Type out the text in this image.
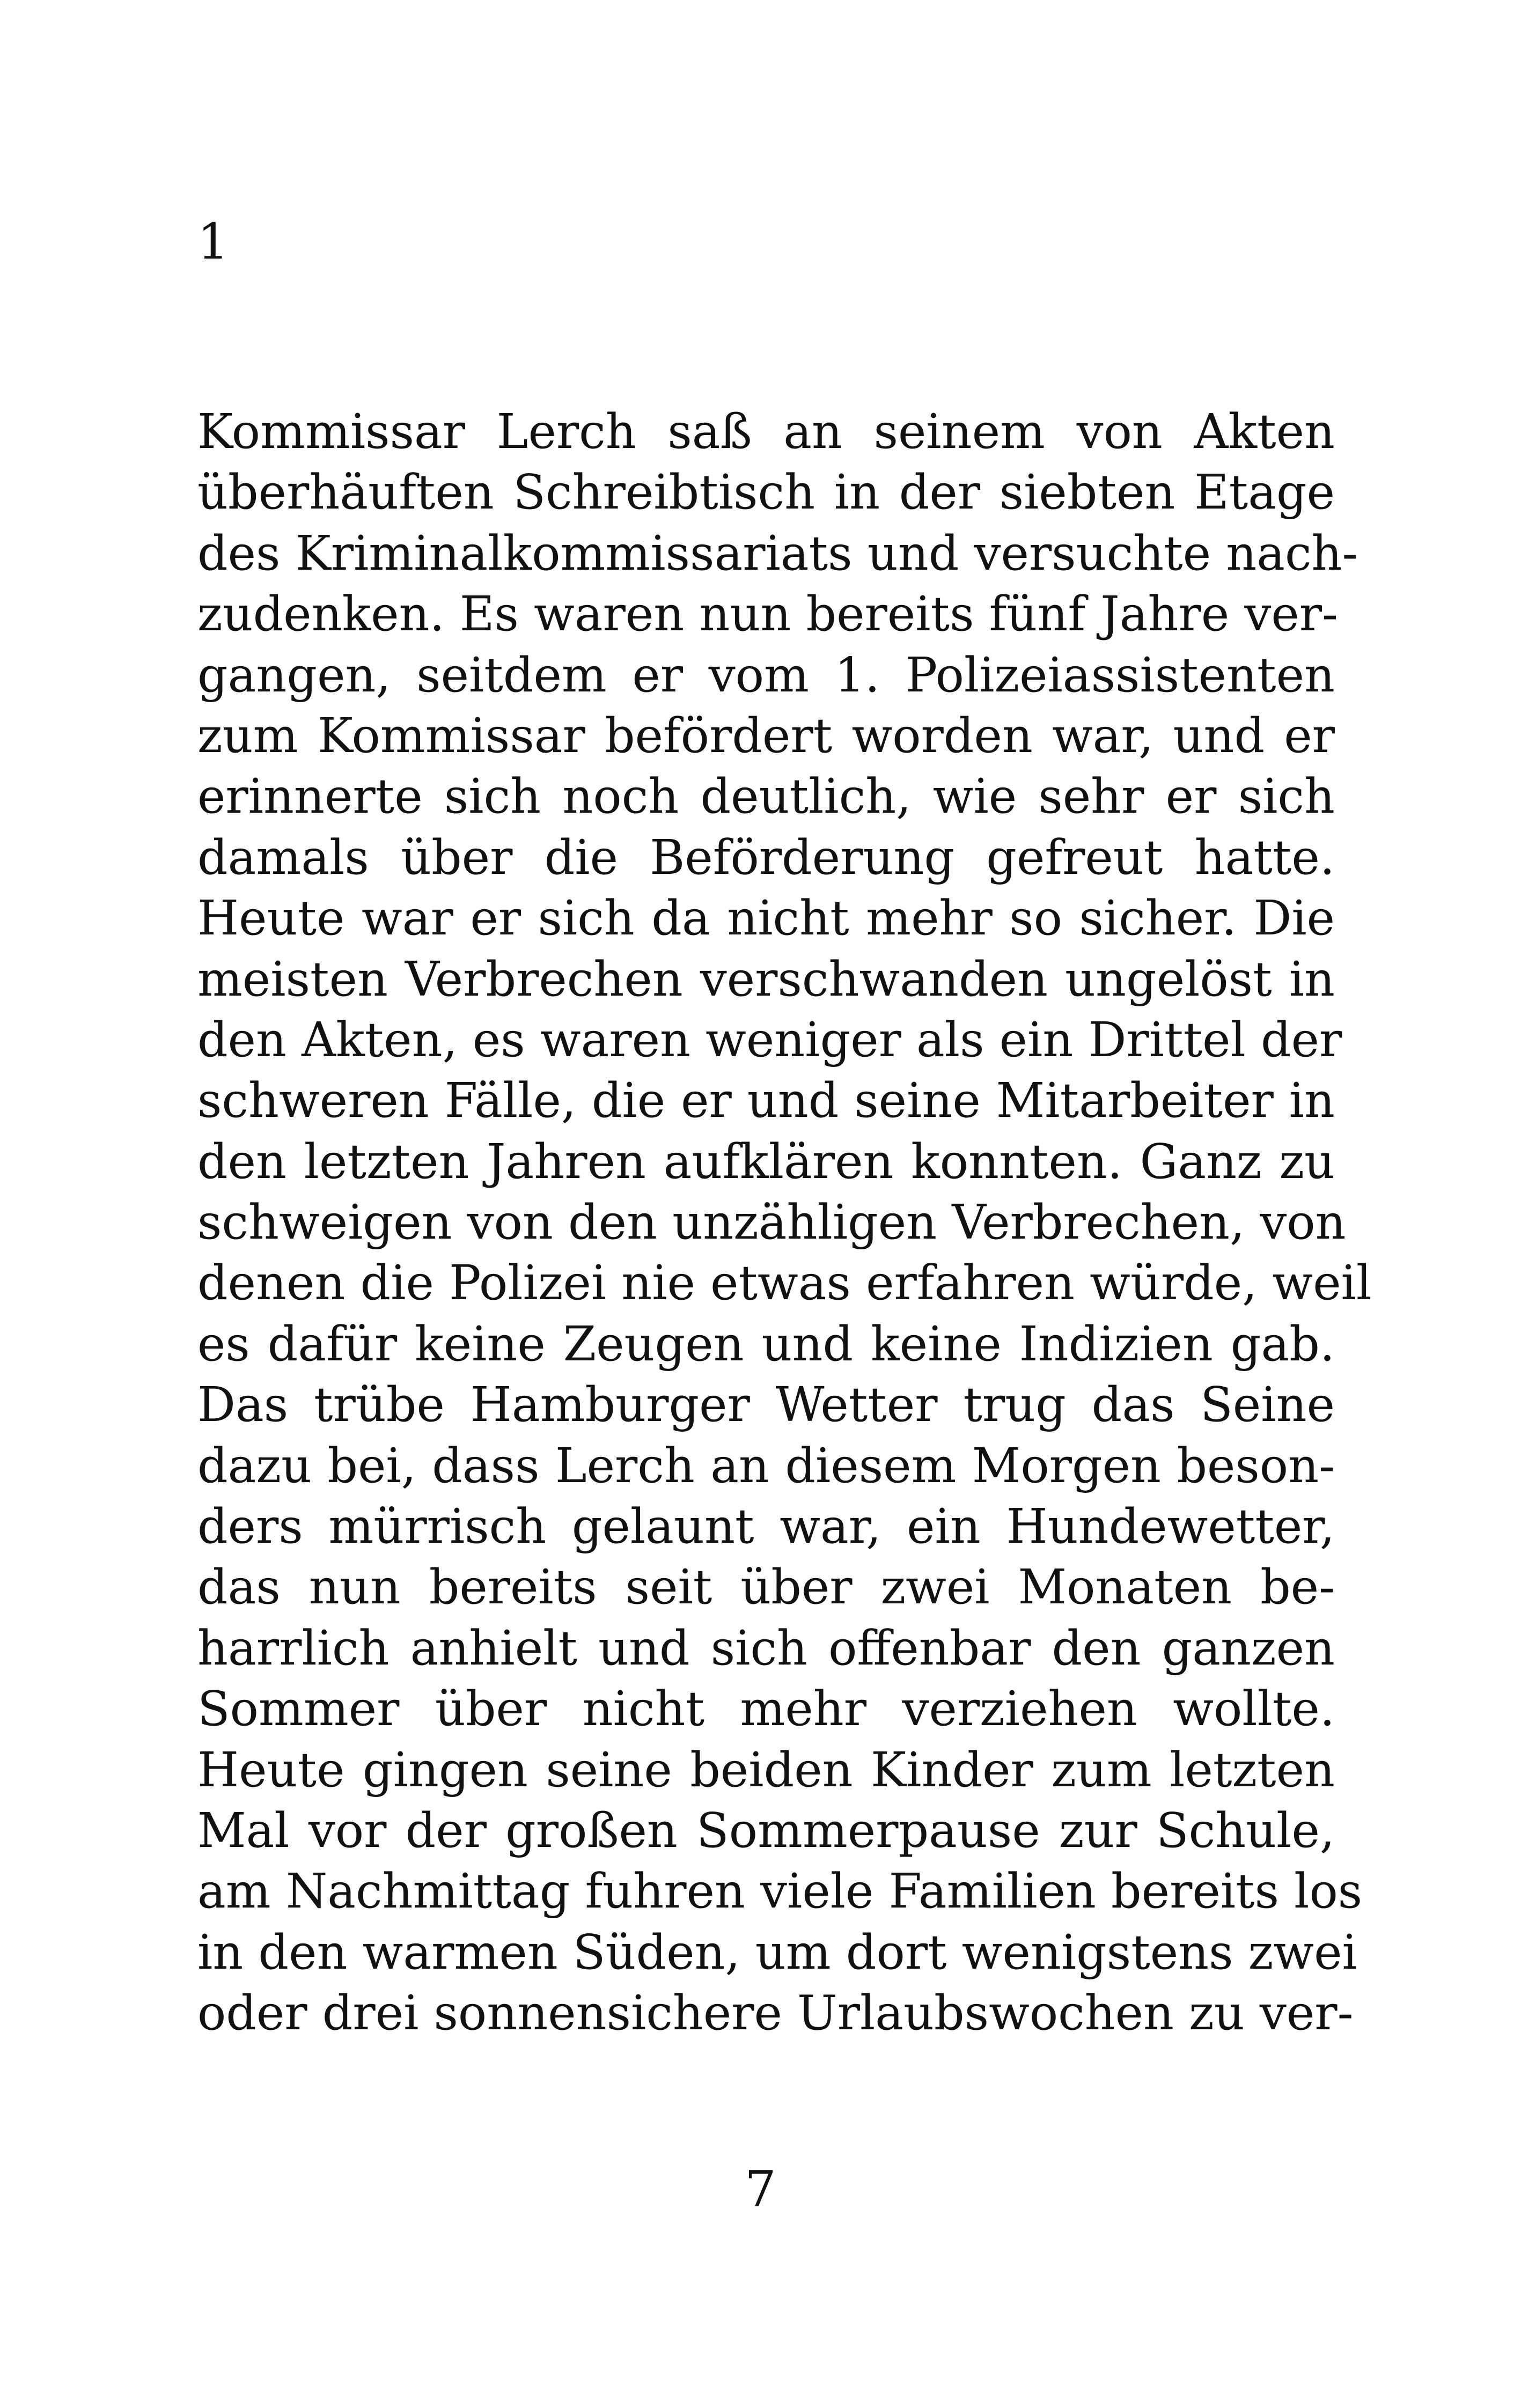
1
Kommissar Lerch saß an seinem von Akten
überhäuften Schreibtisch in der siebten Etage
des Kriminalkommissariats und versuchte nach-
zudenken. Es waren nun bereits fünf Jahre ver-
gangen, seitdem er vom 1. Polizeiassistenten
zum Kommissar befördert worden war, und er
erinnerte sich noch deutlich, wie sehr er sich
damals über die Beförderung gefreut hatte.
Heute war er sich da nicht mehr so sicher. Die
meisten Verbrechen verschwanden ungelöst in
den Akten, es waren weniger als ein Drittel der
schweren Fälle, die er und seine Mitarbeiter in
den letzten Jahren aufklären konnten. Ganz zu
schweigen von den unzähligen Verbrechen, von
denen die Polizei nie etwas erfahren würde, weil
es dafür keine Zeugen und keine Indizien gab.
Das trübe Hamburger Wetter trug das Seine
dazu bei, dass Lerch an diesem Morgen beson-
ders mürrisch gelaunt war, ein Hundewetter,
das nun bereits seit über zwei Monaten be-
harrlich anhielt und sich offenbar den ganzen
Sommer über nicht mehr verziehen wollte.
Heute gingen seine beiden Kinder zum letzten
Mal vor der großen Sommerpause zur Schule,
am Nachmittag fuhren viele Familien bereits los
in den warmen Süden, um dort wenigstens zwei
oder drei sonnensichere Urlaubswochen zu ver-
7
